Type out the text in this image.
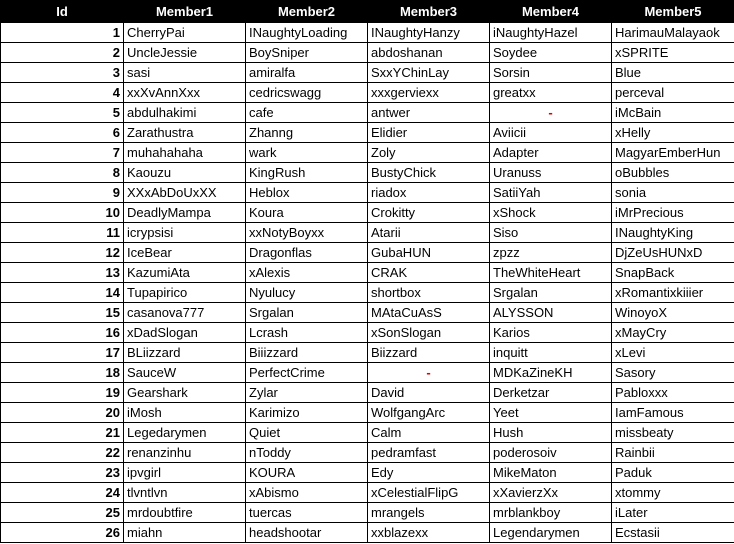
Id	Member1	Member2	Member3	Member4	Member5
1	CherryPai	INaughtyLoading	INaughtyHanzy	iNaughtyHazel	HarimauMalayaok
2	UncleJessie	BoySniper	abdoshanan	Soydee	xSPRITE
3	sasi	amiralfa	SxxYChinLay	Sorsin	Blue
4	xxXvAnnXxx	cedricswagg	xxxgerviexx	greatxx	perceval
5	abdulhakimi	cafe	antwer	-	iMcBain
6	Zarathustra	Zhanng	Elidier	Aviicii	xHelly
7	muhahahaha	wark	Zoly	Adapter	MagyarEmberHun
8	Kaouzu	KingRush	BustyChick	Uranuss	oBubbles
9	XXxAbDoUxXX	Heblox	riadox	SatiiYah	sonia
10	DeadlyMampa	Koura	Crokitty	xShock	iMrPrecious
11	icrypsisi	xxNotyBoyxx	Atarii	Siso	INaughtyKing
12	IceBear	Dragonflas	GubaHUN	zpzz	DjZeUsHUNxD
13	KazumiAta	xAlexis	CRAK	TheWhiteHeart	SnapBack
14	Tupapirico	Nyulucy	shortbox	Srgalan	xRomantixkiiier
15	casanova777	Srgalan	MAtaCuAsS	ALYSSON	WinoyoX
16	xDadSlogan	Lcrash	xSonSlogan	Karios	xMayCry
17	BLiizzard	Biiizzard	Biizzard	inquitt	xLevi
18	SauceW	PerfectCrime	-	MDKaZineKH	Sasory
19	Gearshark	Zylar	David	Derketzar	Pabloxxx
20	iMosh	Karimizo	WolfgangArc	Yeet	IamFamous
21	Legedarymen	Quiet	Calm	Hush	missbeaty
22	renanzinhu	nToddy	pedramfast	poderosoiv	Rainbii
23	ipvgirl	KOURA	Edy	MikeMaton	Paduk
24	tlvntlvn	xAbismo	xCelestialFlipG	xXavierzXx	xtommy
25	mrdoubtfire	tuercas	mrangels	mrblankboy	iLater
26	miahn	headshootar	xxblazexx	Legendarymen	Ecstasii
